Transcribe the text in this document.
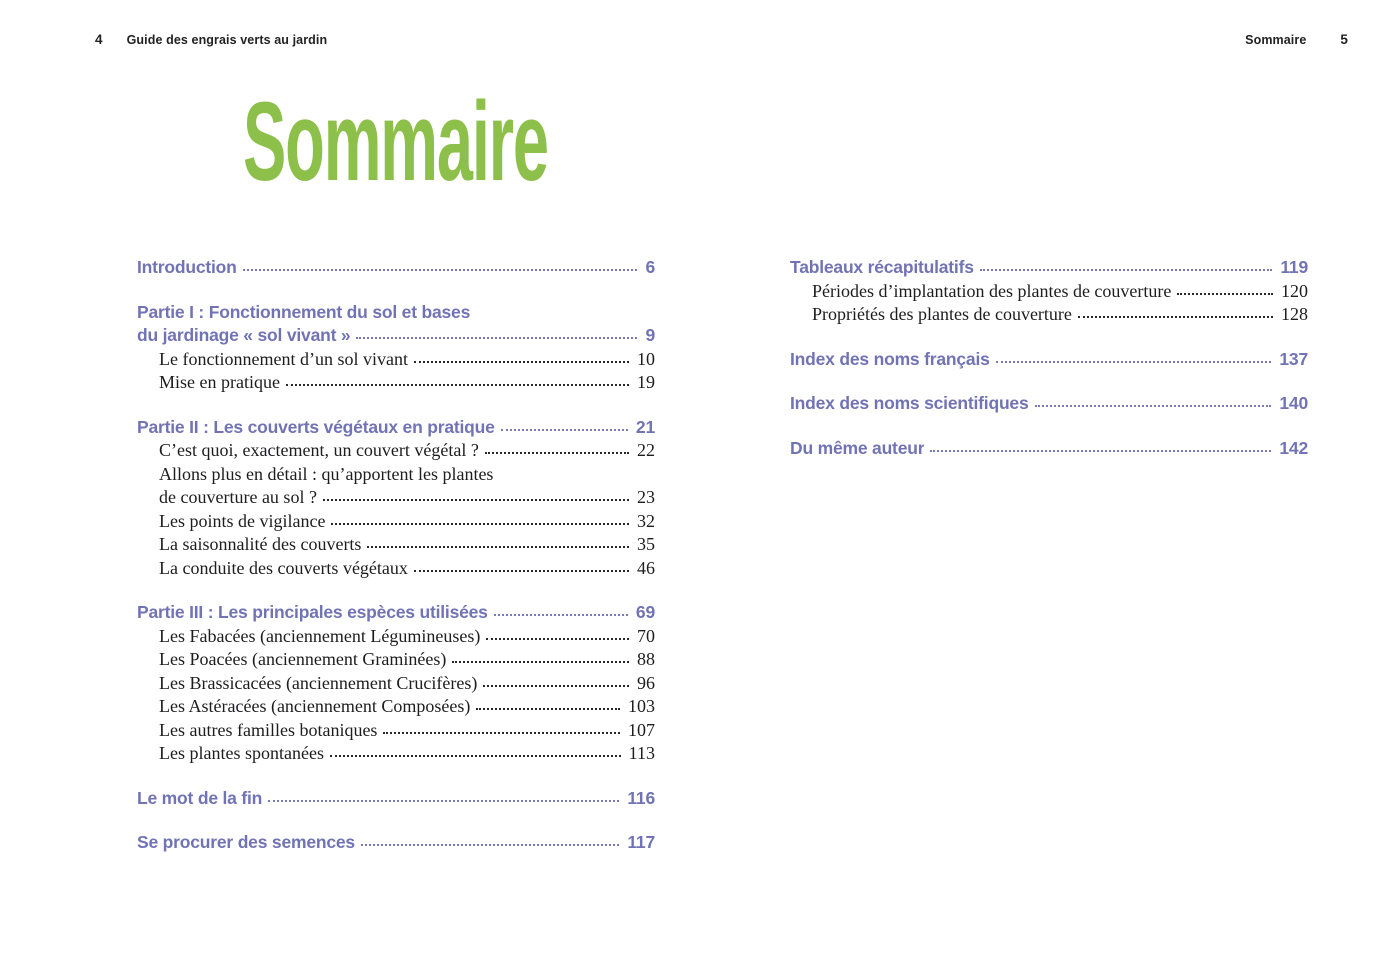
4 Guide des engrais verts au jardin	Sommaire	5
Sommaire
Introduction	6
Partie I : Fonctionnement du sol et bases
du jardinage « sol vivant »	9
Le fonctionnement d’un sol vivant	10
Mise en pratique	19
Partie II : Les couverts végétaux en pratique	21
C’est quoi, exactement, un couvert végétal ?	22
Allons plus en détail : qu’apportent les plantes
de couverture au sol ?	23
Les points de vigilance	32
La saisonnalité des couverts	35
La conduite des couverts végétaux	46
Partie III : Les principales espèces utilisées	69
Les Fabacées (anciennement Légumineuses)	70
Les Poacées (anciennement Graminées)	88
Les Brassicacées (anciennement Crucifères)	96
Les Astéracées (anciennement Composées)	103
Les autres familles botaniques	107
Les plantes spontanées	113
Le mot de la fin	116
Se procurer des semences	117
Tableaux récapitulatifs	119
Périodes d’implantation des plantes de couverture	120
Propriétés des plantes de couverture	128
Index des noms français	137
Index des noms scientifiques	140
Du même auteur	142
